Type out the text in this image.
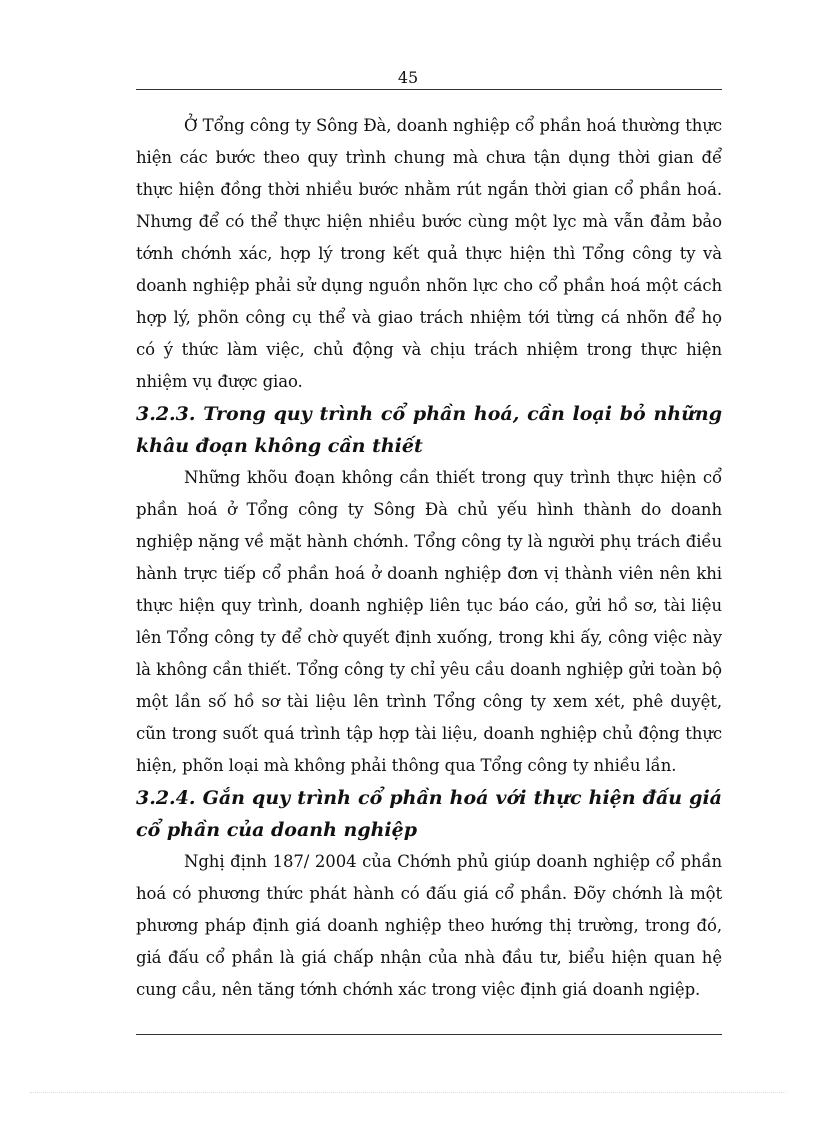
45

Ở Tổng công ty Sông Đà, doanh nghiệp cổ phần hoá thường thực hiện các bước theo quy trình chung mà chưa tận dụng thời gian để thực hiện đồng thời nhiều bước nhằm rút ngắn thời gian cổ phần hoá. Nhưng để có thể thực hiện nhiều bước cùng một lỵc mà vẫn đảm bảo tớnh chớnh xác, hợp lý trong kết quả thực hiện thì Tổng công ty và doanh nghiệp phải sử dụng nguồn nhõn lực cho cổ phần hoá một cách hợp lý, phõn công cụ thể và giao trách nhiệm tới từng cá nhõn để họ có ý thức làm việc, chủ động và chịu trách nhiệm trong thực hiện nhiệm vụ được giao.

3.2.3. Trong quy trình cổ phần hoá, cần loại bỏ những khâu đoạn không cần thiết

Những khõu đoạn không cần thiết trong quy trình thực hiện cổ phần hoá ở Tổng công ty Sông Đà chủ yếu hình thành do doanh nghiệp nặng về mặt hành chớnh. Tổng công ty là người phụ trách điều hành trực tiếp cổ phần hoá ở doanh nghiệp đơn vị thành viên nên khi thực hiện quy trình, doanh nghiệp liên tục báo cáo, gửi hồ sơ, tài liệu lên Tổng công ty để chờ quyết định xuống, trong khi ấy, công việc này là không cần thiết. Tổng công ty chỉ yêu cầu doanh nghiệp gửi toàn bộ một lần số hồ sơ tài liệu lên trình Tổng công ty xem xét, phê duyệt, cũn trong suốt quá trình tập hợp tài liệu, doanh nghiệp chủ động thực hiện, phõn loại mà không phải thông qua Tổng công ty nhiều lần.

3.2.4. Gắn quy trình cổ phần hoá với thực hiện đấu giá cổ phần của doanh nghiệp

Nghị định 187/ 2004 của Chớnh phủ giúp doanh nghiệp cổ phần hoá có phương thức phát hành có đấu giá cổ phần. Đõy chớnh là một phương pháp định giá doanh nghiệp theo hướng thị trường, trong đó, giá đấu cổ phần là giá chấp nhận của nhà đầu tư, biểu hiện quan hệ cung cầu, nên tăng tớnh chớnh xác trong việc định giá doanh ngiệp.
